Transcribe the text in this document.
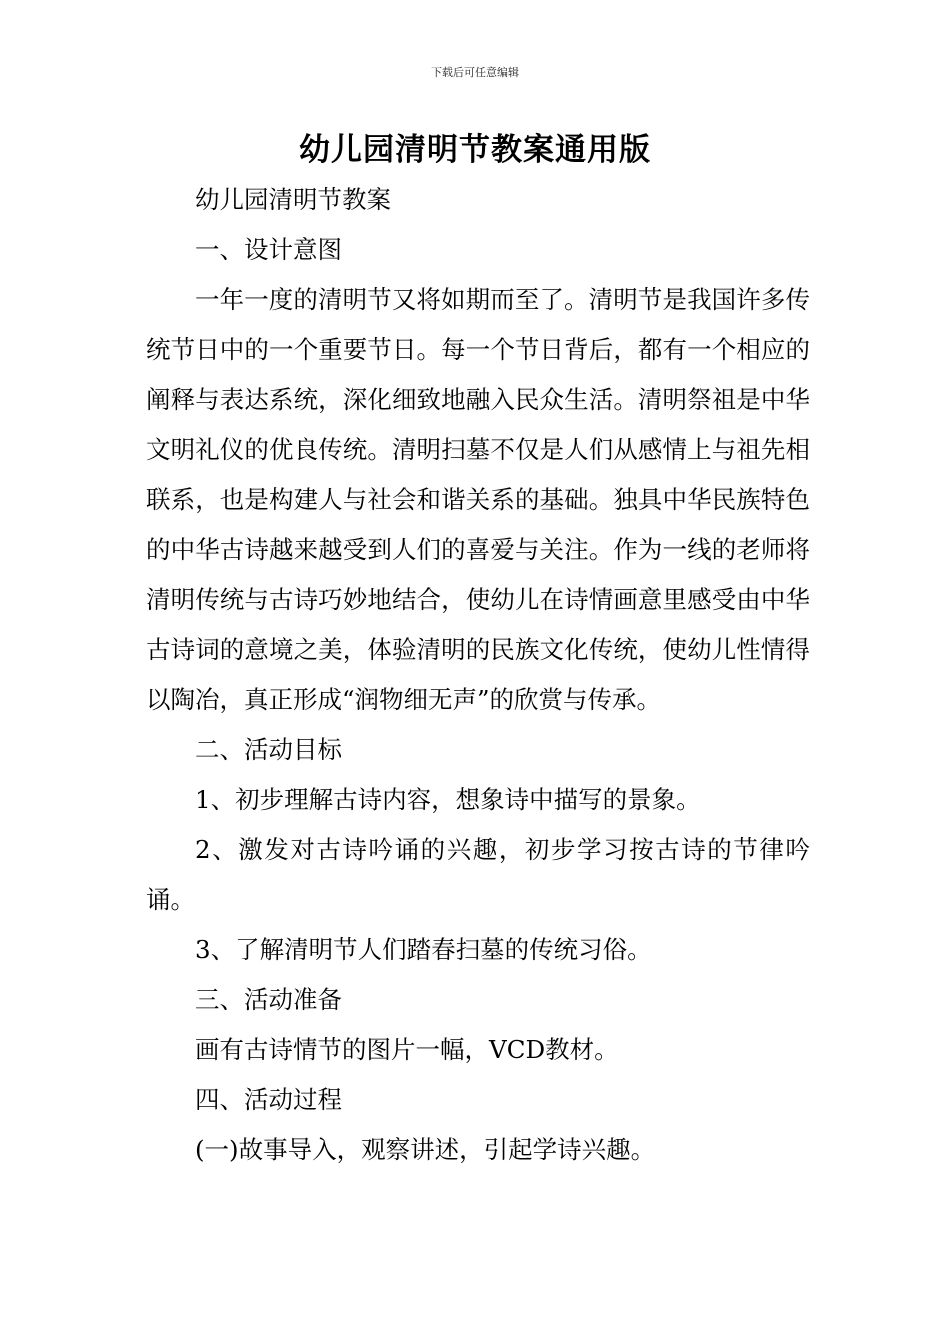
下载后可任意编辑
幼儿园清明节教案通用版

幼儿园清明节教案

一、设计意图

一年一度的清明节又将如期而至了。清明节是我国许多传统节日中的一个重要节日。每一个节日背后，都有一个相应的阐释与表达系统，深化细致地融入民众生活。清明祭祖是中华文明礼仪的优良传统。清明扫墓不仅是人们从感情上与祖先相联系，也是构建人与社会和谐关系的基础。独具中华民族特色的中华古诗越来越受到人们的喜爱与关注。作为一线的老师将清明传统与古诗巧妙地结合，使幼儿在诗情画意里感受由中华古诗词的意境之美，体验清明的民族文化传统，使幼儿性情得以陶冶，真正形成“润物细无声”的欣赏与传承。

二、活动目标

1、初步理解古诗内容，想象诗中描写的景象。

2、激发对古诗吟诵的兴趣，初步学习按古诗的节律吟诵。

3、了解清明节人们踏春扫墓的传统习俗。

三、活动准备

画有古诗情节的图片一幅，VCD教材。

四、活动过程

(一)故事导入，观察讲述，引起学诗兴趣。
